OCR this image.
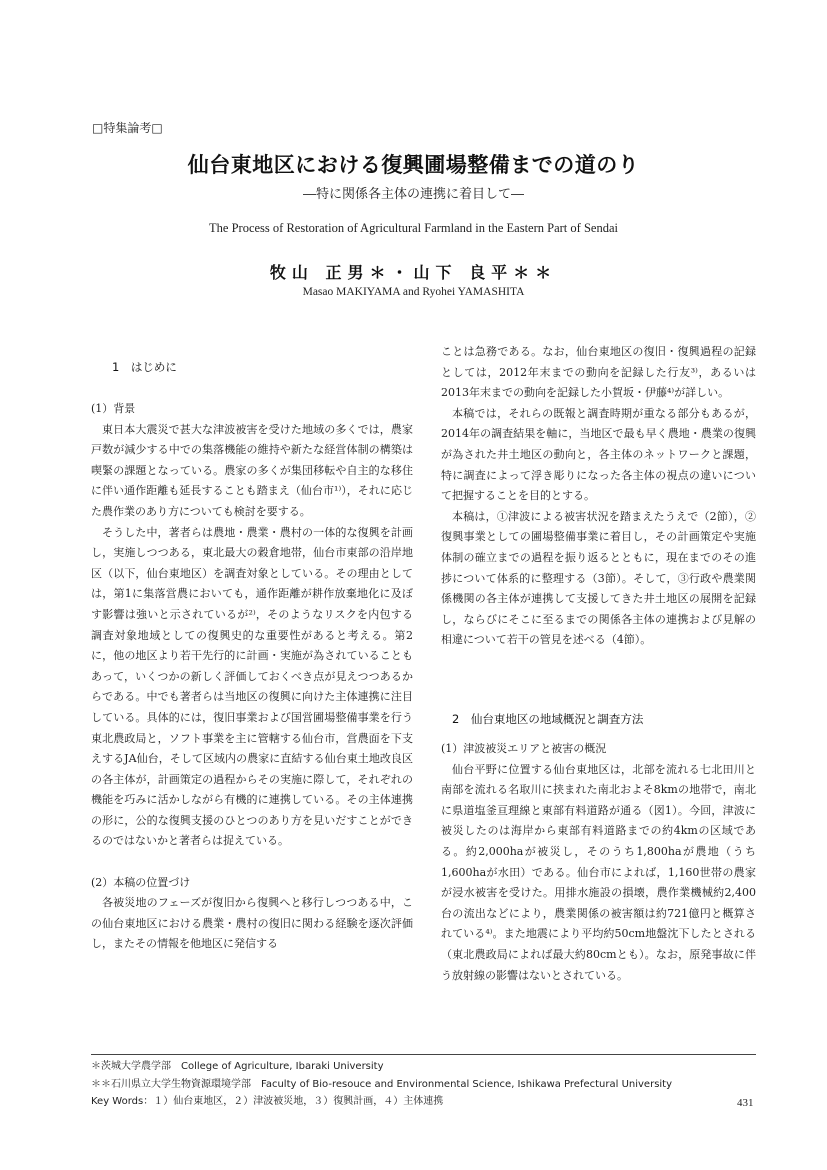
□特集論考□
仙台東地区における復興圃場整備までの道のり
―特に関係各主体の連携に着目して―
The Process of Restoration of Agricultural Farmland in the Eastern Part of Sendai
牧山 正男＊・山下 良平＊＊
Masao MAKIYAMA and Ryohei YAMASHITA
1　はじめに

(1）背景

東日本大震災で甚大な津波被害を受けた地域の多くでは，農家戸数が減少する中での集落機能の維持や新たな経営体制の構築は喫緊の課題となっている。農家の多くが集団移転や自主的な移住に伴い通作距離も延長することも踏まえ（仙台市¹⁾），それに応じた農作業のあり方についても検討を要する。

そうした中，著者らは農地・農業・農村の一体的な復興を計画し，実施しつつある，東北最大の穀倉地帯，仙台市東部の沿岸地区（以下，仙台東地区）を調査対象としている。その理由としては，第1に集落営農においても，通作距離が耕作放棄地化に及ぼす影響は強いと示されているが²⁾，そのようなリスクを内包する調査対象地域としての復興史的な重要性があると考える。第2に，他の地区より若干先行的に計画・実施が為されていることもあって，いくつかの新しく評価しておくべき点が見えつつあるからである。中でも著者らは当地区の復興に向けた主体連携に注目している。具体的には，復旧事業および国営圃場整備事業を行う東北農政局と，ソフト事業を主に管轄する仙台市，営農面を下支えするJA仙台，そして区域内の農家に直結する仙台東土地改良区の各主体が，計画策定の過程からその実施に際して，それぞれの機能を巧みに活かしながら有機的に連携している。その主体連携の形に，公的な復興支援のひとつのあり方を見いだすことができるのではないかと著者らは捉えている。

(2）本稿の位置づけ

各被災地のフェーズが復旧から復興へと移行しつつある中，この仙台東地区における農業・農村の復旧に関わる経験を逐次評価し，またその情報を他地区に発信する

ことは急務である。なお，仙台東地区の復旧・復興過程の記録としては，2012年末までの動向を記録した行友³⁾，あるいは2013年末までの動向を記録した小賀坂・伊藤⁴⁾が詳しい。

本稿では，それらの既報と調査時期が重なる部分もあるが，2014年の調査結果を軸に，当地区で最も早く農地・農業の復興が為された井土地区の動向と，各主体のネットワークと課題，特に調査によって浮き彫りになった各主体の視点の違いについて把握することを目的とする。

本稿は，①津波による被害状況を踏まえたうえで（2節），②復興事業としての圃場整備事業に着目し，その計画策定や実施体制の確立までの過程を振り返るとともに，現在までのその進捗について体系的に整理する（3節）。そして，③行政や農業関係機関の各主体が連携して支援してきた井土地区の展開を記録し，ならびにそこに至るまでの関係各主体の連携および見解の相違について若干の管見を述べる（4節）。

2　仙台東地区の地域概況と調査方法

(1）津波被災エリアと被害の概況

仙台平野に位置する仙台東地区は，北部を流れる七北田川と南部を流れる名取川に挟まれた南北およそ8kmの地帯で，南北に県道塩釜亘理線と東部有料道路が通る（図1）。今回，津波に被災したのは海岸から東部有料道路までの約4kmの区域である。約2,000haが被災し，そのうち1,800haが農地（うち1,600haが水田）である。仙台市によれば，1,160世帯の農家が浸水被害を受けた。用排水施設の損壊，農作業機械約2,400台の流出などにより，農業関係の被害額は約721億円と概算されている⁴⁾。また地震により平均約50cm地盤沈下したとされる（東北農政局によれば最大約80cmとも）。なお，原発事故に伴う放射線の影響はないとされている。

＊茨城大学農学部　College of Agriculture, Ibaraki University
＊＊石川県立大学生物資源環境学部　Faculty of Bio-resouce and Environmental Science, Ishikawa Prefectural University
Key Words：１）仙台東地区，２）津波被災地，３）復興計画，４）主体連携	431
